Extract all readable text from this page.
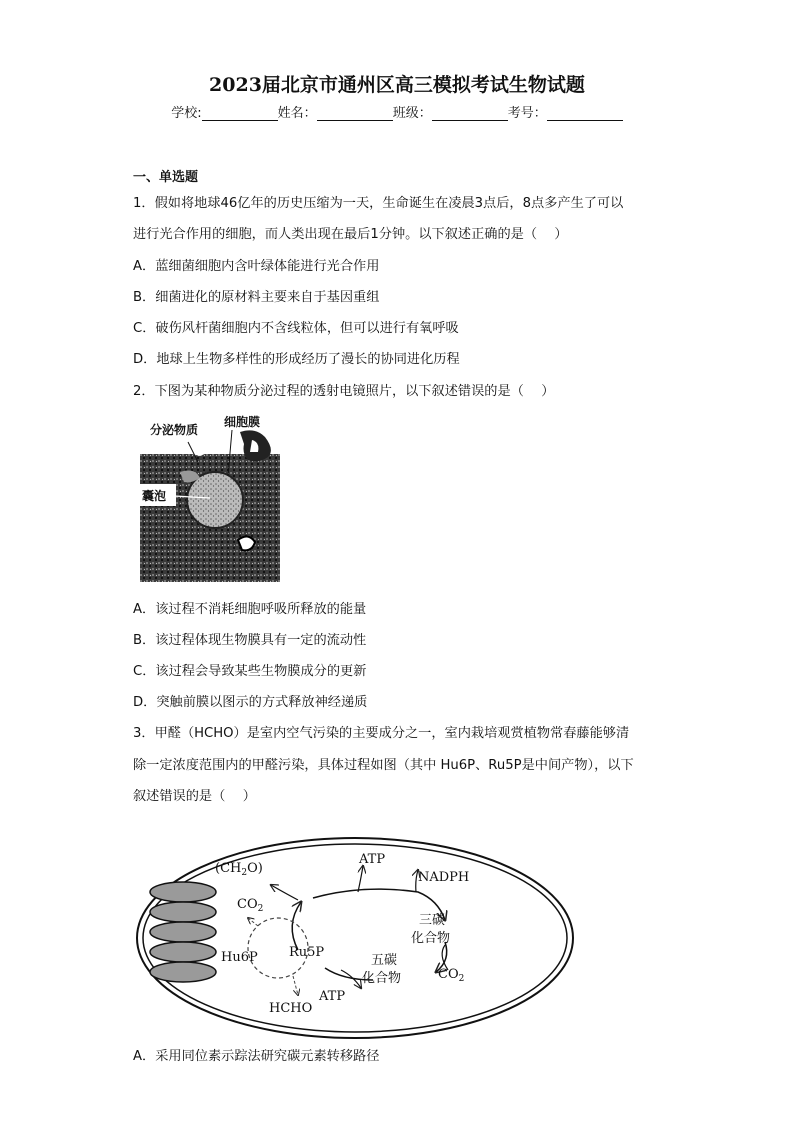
2023届北京市通州区高三模拟考试生物试题
学校:	姓名：	班级：	考号：
一、单选题
1．假如将地球46亿年的历史压缩为一天，生命诞生在凌晨3点后，8点多产生了可以
进行光合作用的细胞，而人类出现在最后1分钟。以下叙述正确的是（　 ）
A．蓝细菌细胞内含叶绿体能进行光合作用
B．细菌进化的原材料主要来自于基因重组
C．破伤风杆菌细胞内不含线粒体，但可以进行有氧呼吸
D．地球上生物多样性的形成经历了漫长的协同进化历程
2．下图为某种物质分泌过程的透射电镜照片，以下叙述错误的是（　 ）
分泌物质
细胞膜
囊泡
A．该过程不消耗细胞呼吸所释放的能量
B．该过程体现生物膜具有一定的流动性
C．该过程会导致某些生物膜成分的更新
D．突触前膜以图示的方式释放神经递质
3．甲醛（HCHO）是室内空气污染的主要成分之一，室内栽培观赏植物常春藤能够清
除一定浓度范围内的甲醛污染，具体过程如图（其中 Hu6P、Ru5P是中间产物），以下
叙述错误的是（　 ）
$(CH_2O)$
ATP
NADPH
$CO_2$
三碳
化合物
Hu6P Ru5P
五碳
化合物	$CO_2$
ATP
HCHO
A．采用同位素示踪法研究碳元素转移路径
